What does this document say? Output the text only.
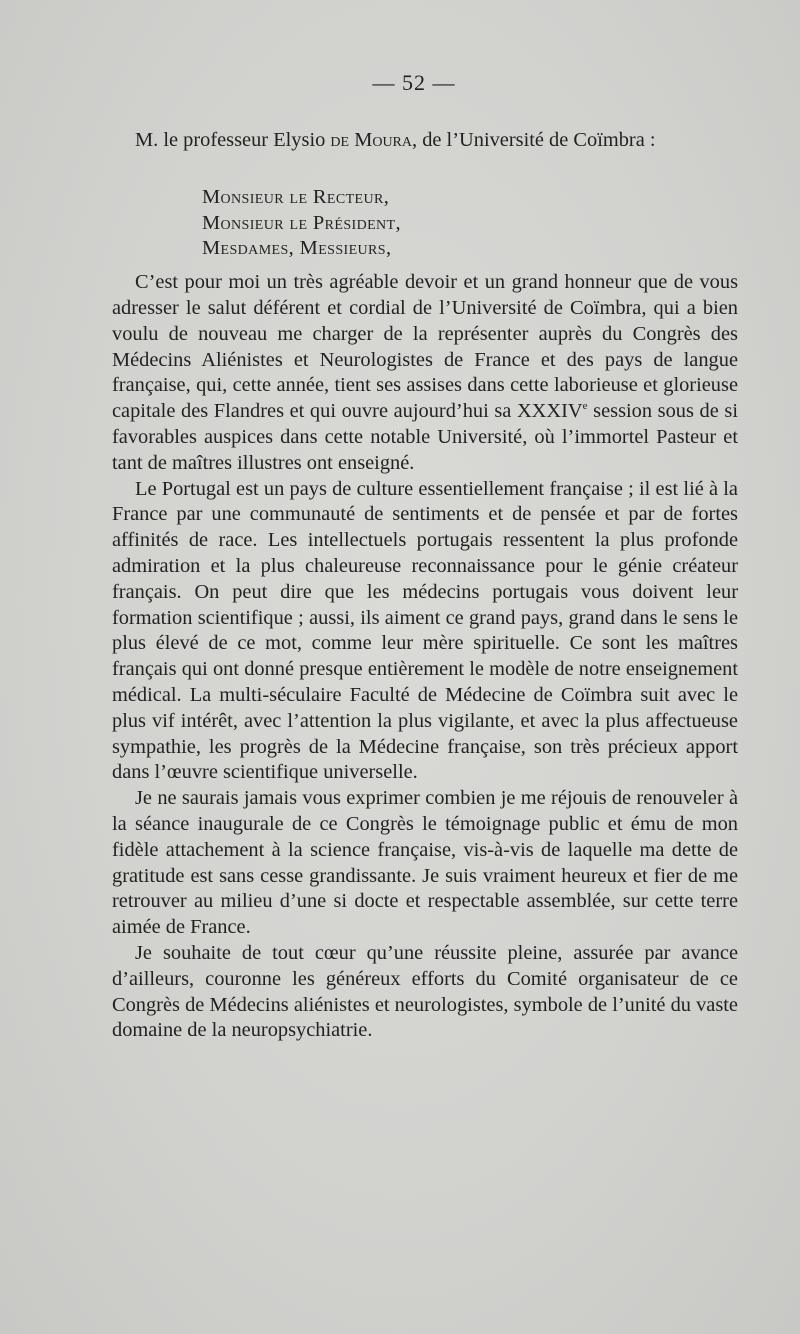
— 52 —

M. le professeur Elysio de Moura, de l’Université de Coïmbra :

Monsieur le Recteur,
Monsieur le Président,
Mesdames, Messieurs,

C’est pour moi un très agréable devoir et un grand honneur que de vous adresser le salut déférent et cordial de l’Université de Coïmbra, qui a bien voulu de nouveau me charger de la représenter auprès du Congrès des Médecins Aliénistes et Neurologistes de France et des pays de langue française, qui, cette année, tient ses assises dans cette laborieuse et glorieuse capitale des Flandres et qui ouvre aujourd’hui sa XXXIVe session sous de si favorables auspices dans cette notable Université, où l’immortel Pasteur et tant de maîtres illustres ont enseigné.

Le Portugal est un pays de culture essentiellement française ; il est lié à la France par une communauté de sentiments et de pensée et par de fortes affinités de race. Les intellectuels portugais ressentent la plus profonde admiration et la plus chaleureuse reconnaissance pour le génie créateur français. On peut dire que les médecins portugais vous doivent leur formation scientifique ; aussi, ils aiment ce grand pays, grand dans le sens le plus élevé de ce mot, comme leur mère spirituelle. Ce sont les maîtres français qui ont donné presque entièrement le modèle de notre enseignement médical. La multi-séculaire Faculté de Médecine de Coïmbra suit avec le plus vif intérêt, avec l’attention la plus vigilante, et avec la plus affectueuse sympathie, les progrès de la Médecine française, son très précieux apport dans l’œuvre scientifique universelle.

Je ne saurais jamais vous exprimer combien je me réjouis de renouveler à la séance inaugurale de ce Congrès le témoignage public et ému de mon fidèle attachement à la science française, vis-à-vis de laquelle ma dette de gratitude est sans cesse grandissante. Je suis vraiment heureux et fier de me retrouver au milieu d’une si docte et respectable assemblée, sur cette terre aimée de France.

Je souhaite de tout cœur qu’une réussite pleine, assurée par avance d’ailleurs, couronne les généreux efforts du Comité organisateur de ce Congrès de Médecins aliénistes et neurologistes, symbole de l’unité du vaste domaine de la neuropsychiatrie.
